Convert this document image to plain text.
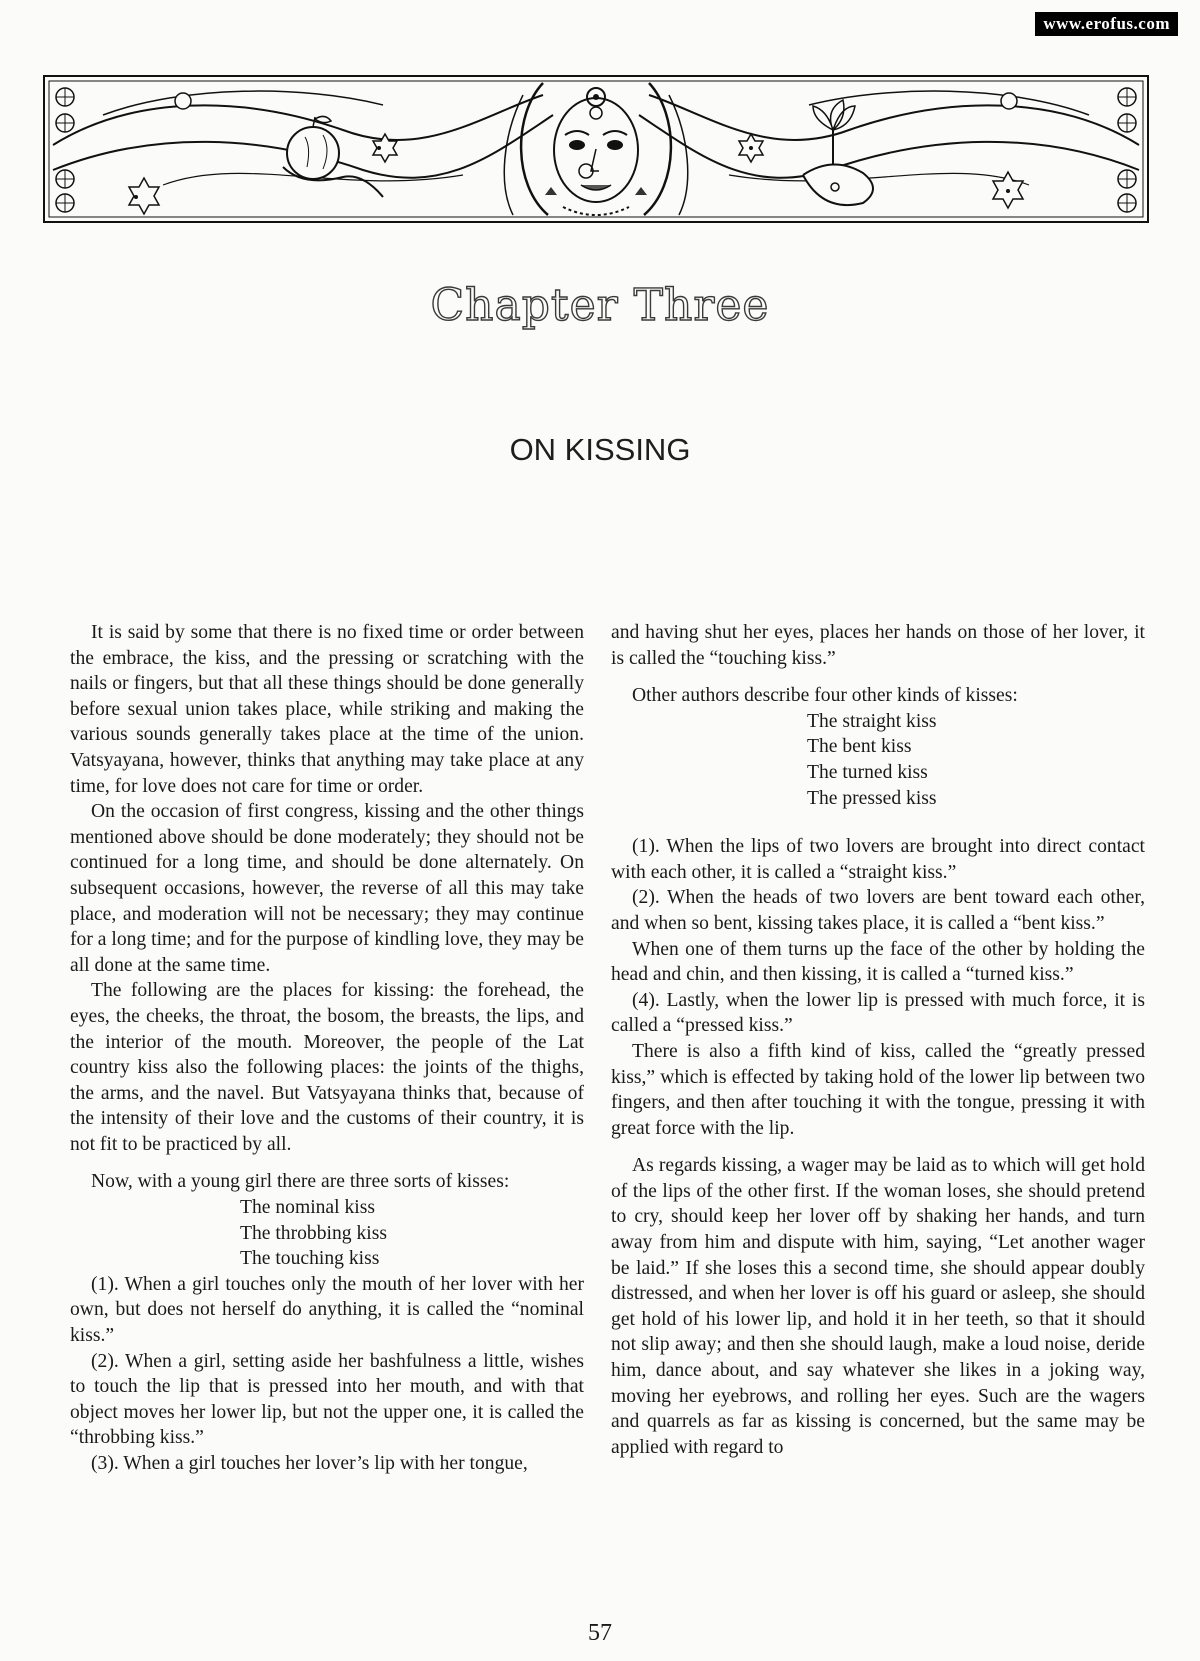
www.erofus.com
Chapter Three
ON KISSING

It is said by some that there is no fixed time or order between the embrace, the kiss, and the pressing or scratching with the nails or fingers, but that all these things should be done generally before sexual union takes place, while striking and making the various sounds generally takes place at the time of the union. Vatsyayana, however, thinks that anything may take place at any time, for love does not care for time or order.

On the occasion of first congress, kissing and the other things mentioned above should be done moderately; they should not be continued for a long time, and should be done alternately. On subsequent occasions, however, the reverse of all this may take place, and moderation will not be necessary; they may continue for a long time; and for the purpose of kindling love, they may be all done at the same time.

The following are the places for kissing: the forehead, the eyes, the cheeks, the throat, the bosom, the breasts, the lips, and the interior of the mouth. Moreover, the people of the Lat country kiss also the following places: the joints of the thighs, the arms, and the navel. But Vatsyayana thinks that, because of the intensity of their love and the customs of their country, it is not fit to be practiced by all.

Now, with a young girl there are three sorts of kisses:

The nominal kiss
The throbbing kiss
The touching kiss

(1). When a girl touches only the mouth of her lover with her own, but does not herself do anything, it is called the “nominal kiss.”

(2). When a girl, setting aside her bashfulness a little, wishes to touch the lip that is pressed into her mouth, and with that object moves her lower lip, but not the upper one, it is called the “throbbing kiss.”

(3). When a girl touches her lover’s lip with her tongue,

and having shut her eyes, places her hands on those of her lover, it is called the “touching kiss.”

Other authors describe four other kinds of kisses:

The straight kiss
The bent kiss
The turned kiss
The pressed kiss

(1). When the lips of two lovers are brought into direct contact with each other, it is called a “straight kiss.”

(2). When the heads of two lovers are bent toward each other, and when so bent, kissing takes place, it is called a “bent kiss.”

When one of them turns up the face of the other by holding the head and chin, and then kissing, it is called a “turned kiss.”

(4). Lastly, when the lower lip is pressed with much force, it is called a “pressed kiss.”

There is also a fifth kind of kiss, called the “greatly pressed kiss,” which is effected by taking hold of the lower lip between two fingers, and then after touching it with the tongue, pressing it with great force with the lip.

As regards kissing, a wager may be laid as to which will get hold of the lips of the other first. If the woman loses, she should pretend to cry, should keep her lover off by shaking her hands, and turn away from him and dispute with him, saying, “Let another wager be laid.” If she loses this a second time, she should appear doubly distressed, and when her lover is off his guard or asleep, she should get hold of his lower lip, and hold it in her teeth, so that it should not slip away; and then she should laugh, make a loud noise, deride him, dance about, and say whatever she likes in a joking way, moving her eyebrows, and rolling her eyes. Such are the wagers and quarrels as far as kissing is concerned, but the same may be applied with regard to

57
